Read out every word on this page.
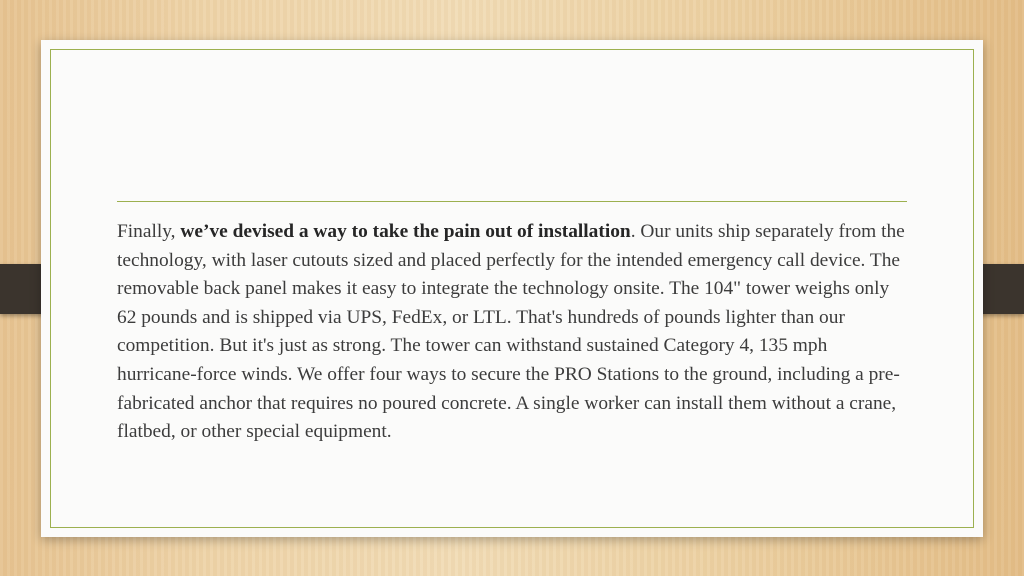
Finally, we’ve devised a way to take the pain out of installation. Our units ship separately from the technology, with laser cutouts sized and placed perfectly for the intended emergency call device. The removable back panel makes it easy to integrate the technology onsite. The 104" tower weighs only 62 pounds and is shipped via UPS, FedEx, or LTL. That's hundreds of pounds lighter than our competition. But it's just as strong. The tower can withstand sustained Category 4, 135 mph hurricane-force winds. We offer four ways to secure the PRO Stations to the ground, including a pre-fabricated anchor that requires no poured concrete. A single worker can install them without a crane, flatbed, or other special equipment.
